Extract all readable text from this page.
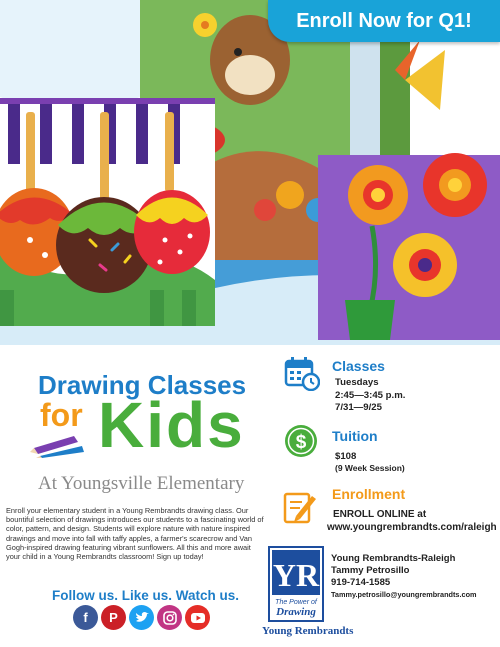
Enroll Now for Q1!
Drawing Classes
for Kids
At Youngsville Elementary
Enroll your elementary student in a Young Rembrandts drawing class. Our bountiful selection of drawings introduces our students to a fascinating world of color, pattern, and design. Students will explore nature with nature inspired drawings and move into fall with taffy apples, a farmer's scarecrow and Van Gogh-inspired drawing featuring vibrant sunflowers. All this and more await your child in a Young Rembrandts classroom! Sign up today!
Follow us. Like us. Watch us.
f	P
Classes
Tuesdays
2:45—3:45 p.m.
7/31—9/25
$ Tuition
$108
(9 Week Session)
Enrollment
ENROLL ONLINE at
www.youngrembrandts.com/raleigh
YR
The Power of
Drawing
Young Rembrandts
Young Rembrandts-Raleigh
Tammy Petrosillo
919-714-1585
Tammy.petrosillo@youngrembrandts.com
